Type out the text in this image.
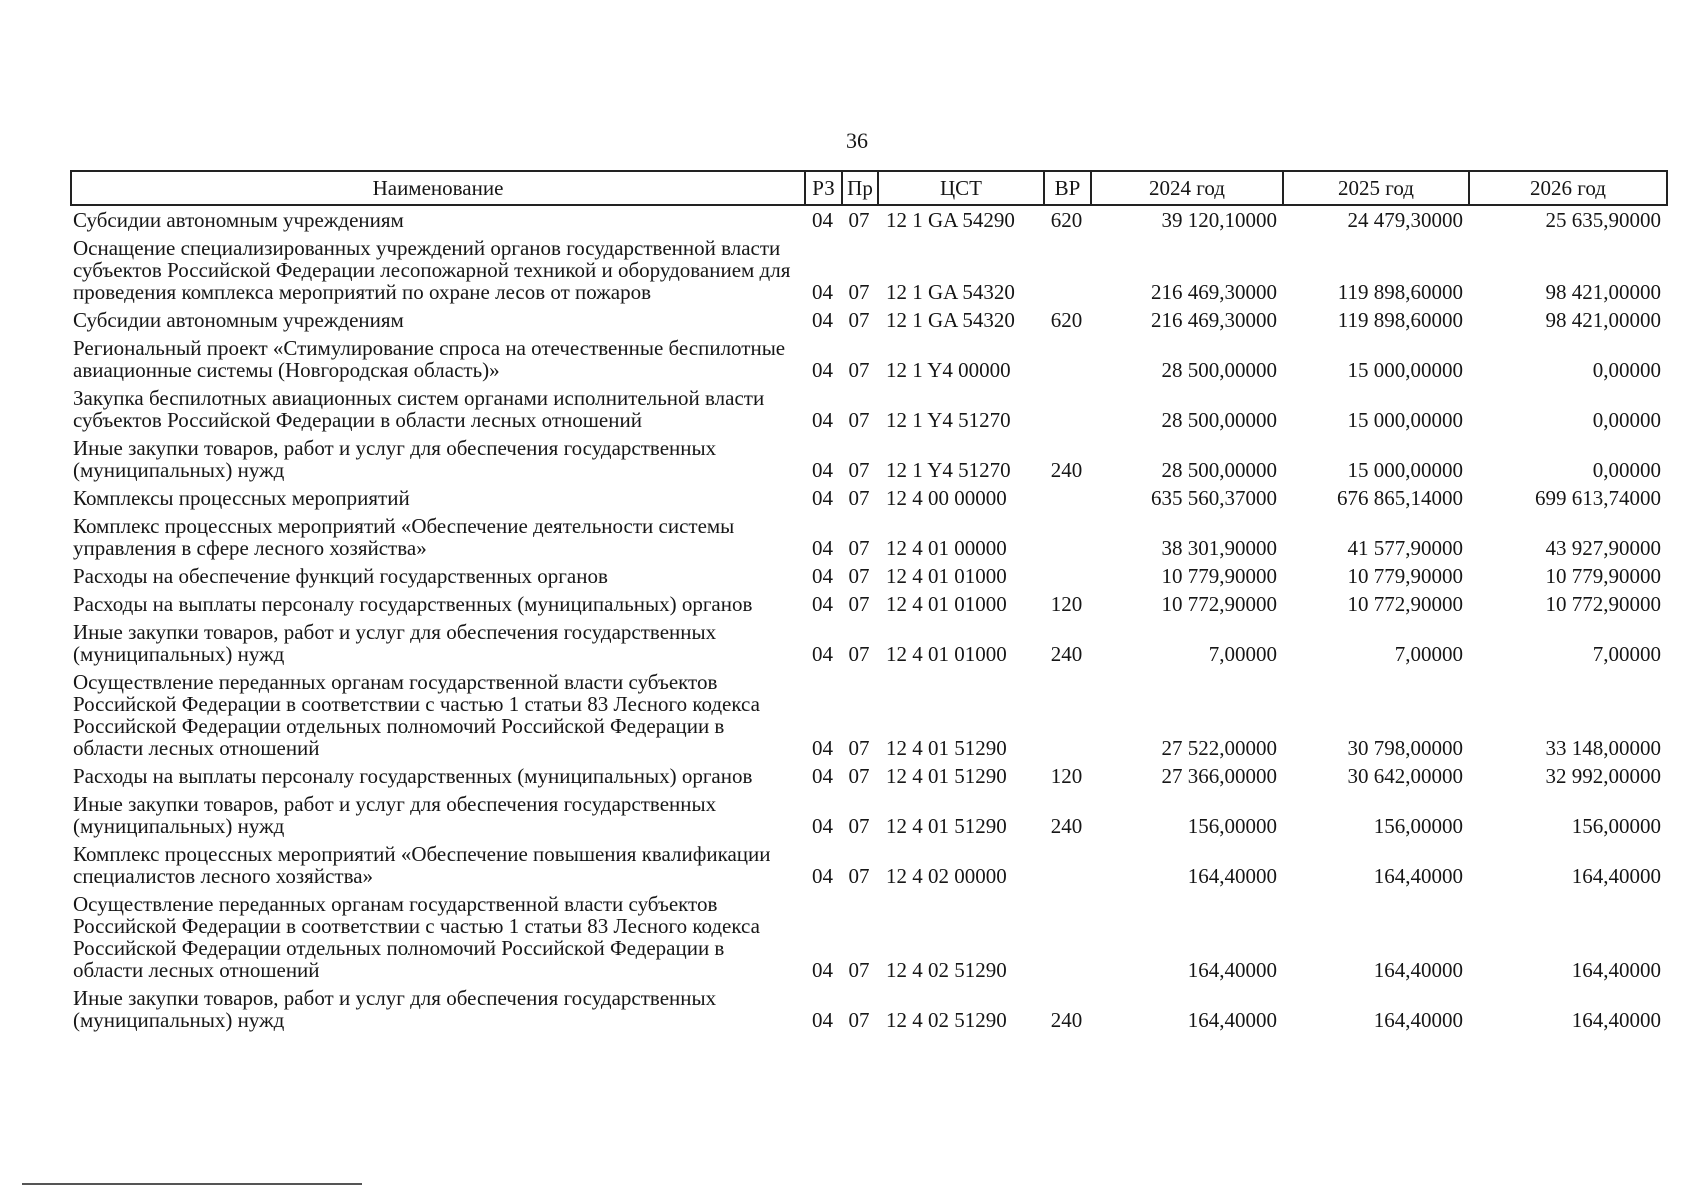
36
Наименование	РЗ	Пр	ЦСТ	ВР	2024 год	2025 год	2026 год
Субсидии автономным учреждениям	04	07	12 1 GA 54290	620	39 120,10000	24 479,30000	25 635,90000
Оснащение специализированных учреждений органов государственной власти субъектов Российской Федерации лесопожарной техникой и оборудованием для проведения комплекса мероприятий по охране лесов от пожаров	04	07	12 1 GA 54320		216 469,30000	119 898,60000	98 421,00000
Субсидии автономным учреждениям	04	07	12 1 GA 54320	620	216 469,30000	119 898,60000	98 421,00000
Региональный проект «Стимулирование спроса на отечественные беспилотные авиационные системы (Новгородская область)»	04	07	12 1 Y4 00000		28 500,00000	15 000,00000	0,00000
Закупка беспилотных авиационных систем органами исполнительной власти субъектов Российской Федерации в области лесных отношений	04	07	12 1 Y4 51270		28 500,00000	15 000,00000	0,00000
Иные закупки товаров, работ и услуг для обеспечения государственных (муниципальных) нужд	04	07	12 1 Y4 51270	240	28 500,00000	15 000,00000	0,00000
Комплексы процессных мероприятий	04	07	12 4 00 00000		635 560,37000	676 865,14000	699 613,74000
Комплекс процессных мероприятий «Обеспечение деятельности системы управления в сфере лесного хозяйства»	04	07	12 4 01 00000		38 301,90000	41 577,90000	43 927,90000
Расходы на обеспечение функций государственных органов	04	07	12 4 01 01000		10 779,90000	10 779,90000	10 779,90000
Расходы на выплаты персоналу государственных (муниципальных) органов	04	07	12 4 01 01000	120	10 772,90000	10 772,90000	10 772,90000
Иные закупки товаров, работ и услуг для обеспечения государственных (муниципальных) нужд	04	07	12 4 01 01000	240	7,00000	7,00000	7,00000
Осуществление переданных органам государственной власти субъектов Российской Федерации в соответствии с частью 1 статьи 83 Лесного кодекса Российской Федерации отдельных полномочий Российской Федерации в области лесных отношений	04	07	12 4 01 51290		27 522,00000	30 798,00000	33 148,00000
Расходы на выплаты персоналу государственных (муниципальных) органов	04	07	12 4 01 51290	120	27 366,00000	30 642,00000	32 992,00000
Иные закупки товаров, работ и услуг для обеспечения государственных (муниципальных) нужд	04	07	12 4 01 51290	240	156,00000	156,00000	156,00000
Комплекс процессных мероприятий «Обеспечение повышения квалификации специалистов лесного хозяйства»	04	07	12 4 02 00000		164,40000	164,40000	164,40000
Осуществление переданных органам государственной власти субъектов Российской Федерации в соответствии с частью 1 статьи 83 Лесного кодекса Российской Федерации отдельных полномочий Российской Федерации в области лесных отношений	04	07	12 4 02 51290		164,40000	164,40000	164,40000
Иные закупки товаров, работ и услуг для обеспечения государственных (муниципальных) нужд	04	07	12 4 02 51290	240	164,40000	164,40000	164,40000
